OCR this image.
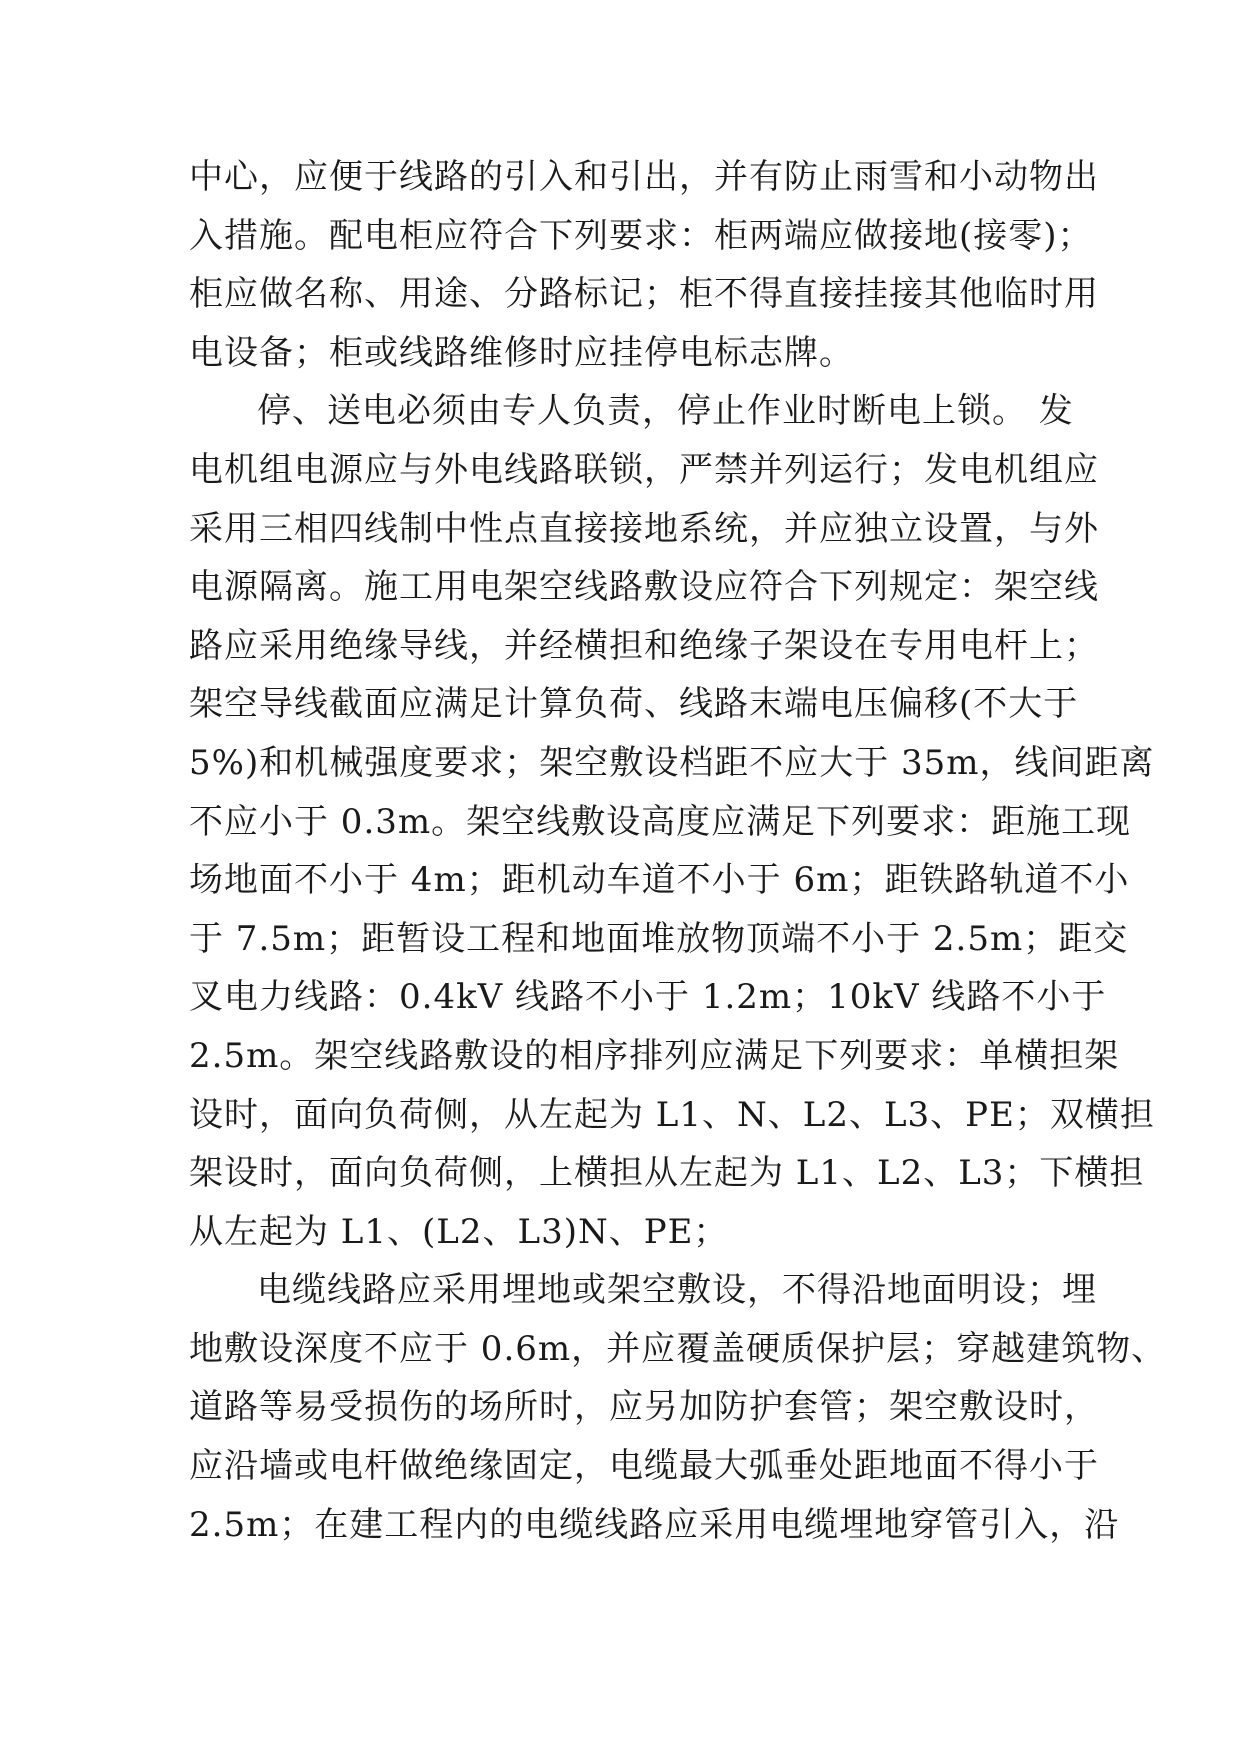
中心，应便于线路的引入和引出，并有防止雨雪和小动物出
入措施。配电柜应符合下列要求：柜两端应做接地(接零)；
柜应做名称、用途、分路标记；柜不得直接挂接其他临时用
电设备；柜或线路维修时应挂停电标志牌。
停、送电必须由专人负责，停止作业时断电上锁。 发
电机组电源应与外电线路联锁，严禁并列运行；发电机组应
采用三相四线制中性点直接接地系统，并应独立设置，与外
电源隔离。施工用电架空线路敷设应符合下列规定：架空线
路应采用绝缘导线，并经横担和绝缘子架设在专用电杆上；
架空导线截面应满足计算负荷、线路末端电压偏移(不大于
5%)和机械强度要求；架空敷设档距不应大于 35m，线间距离
不应小于 0.3m。架空线敷设高度应满足下列要求：距施工现
场地面不小于 4m；距机动车道不小于 6m；距铁路轨道不小
于 7.5m；距暂设工程和地面堆放物顶端不小于 2.5m；距交
叉电力线路：0.4kV 线路不小于 1.2m；10kV 线路不小于
2.5m。架空线路敷设的相序排列应满足下列要求：单横担架
设时，面向负荷侧，从左起为 L1、N、L2、L3、PE；双横担
架设时，面向负荷侧，上横担从左起为 L1、L2、L3；下横担
从左起为 L1、(L2、L3)N、PE；
电缆线路应采用埋地或架空敷设，不得沿地面明设；埋
地敷设深度不应于 0.6m，并应覆盖硬质保护层；穿越建筑物、
道路等易受损伤的场所时，应另加防护套管；架空敷设时，
应沿墙或电杆做绝缘固定，电缆最大弧垂处距地面不得小于
2.5m；在建工程内的电缆线路应采用电缆埋地穿管引入，沿
